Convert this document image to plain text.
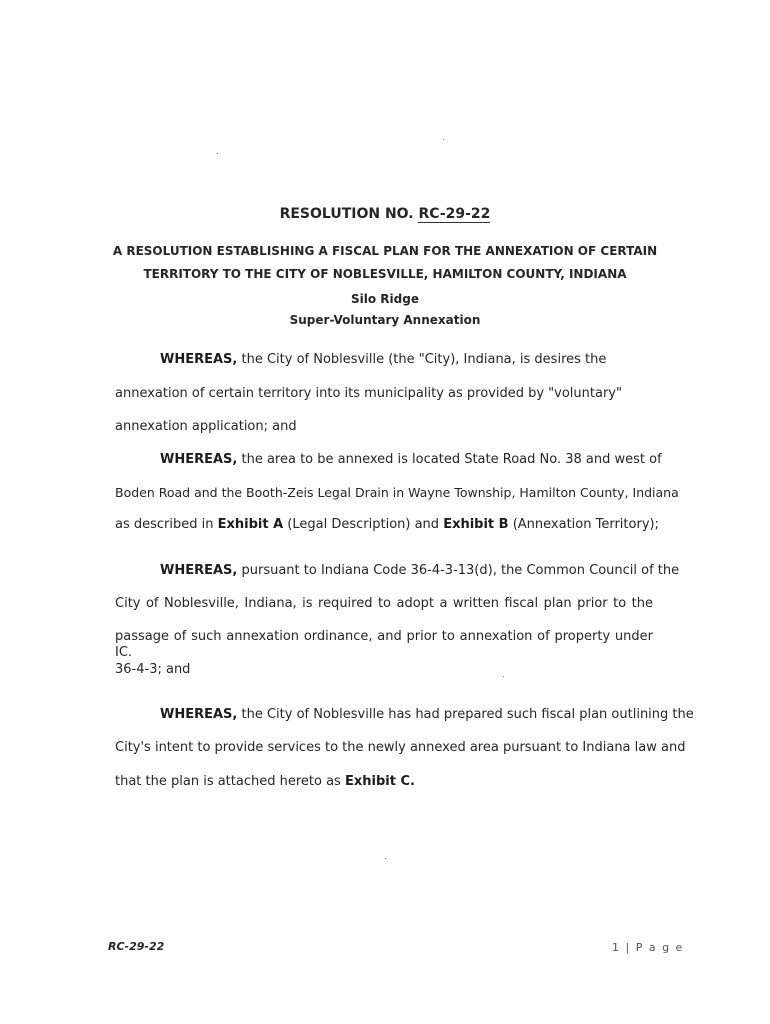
RESOLUTION NO. RC-29-22
A RESOLUTION ESTABLISHING A FISCAL PLAN FOR THE ANNEXATION OF CERTAIN
TERRITORY TO THE CITY OF NOBLESVILLE, HAMILTON COUNTY, INDIANA
Silo Ridge
Super-Voluntary Annexation
WHEREAS, the City of Noblesville (the "City), Indiana, is desires the
annexation of certain territory into its municipality as provided by "voluntary"
annexation application; and
WHEREAS, the area to be annexed is located State Road No. 38 and west of
Boden Road and the Booth-Zeis Legal Drain in Wayne Township, Hamilton County, Indiana
as described in Exhibit A (Legal Description) and Exhibit B (Annexation Territory);
WHEREAS, pursuant to Indiana Code 36-4-3-13(d), the Common Council of the
City of Noblesville, Indiana, is required to adopt a written fiscal plan prior to the
passage of such annexation ordinance, and prior to annexation of property under IC.
36-4-3; and
WHEREAS, the City of Noblesville has had prepared such fiscal plan outlining the
City's intent to provide services to the newly annexed area pursuant to Indiana law and
that the plan is attached hereto as Exhibit C.
RC-29-22	1 | P a g e
